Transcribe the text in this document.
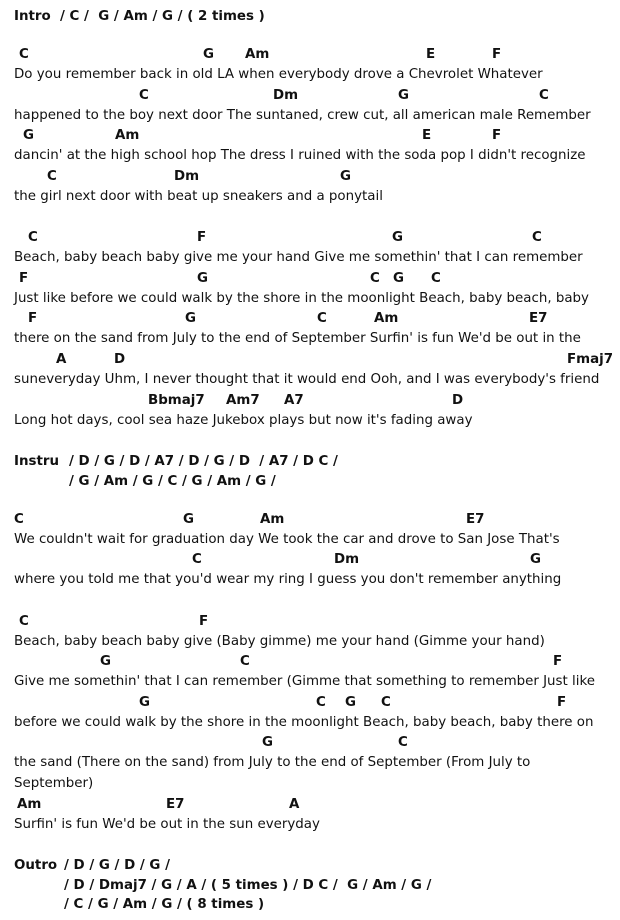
Intro / C /  G / Am / G / ( 2 times )
C	G Am	E	F
Do you remember back in old LA when everybody drove a Chevrolet Whatever
C	Dm	G	C
happened to the boy next door The suntaned, crew cut, all american male Remember
G	Am	E	F
dancin' at the high school hop The dress I ruined with the soda pop I didn't recognize
C	Dm	G
the girl next door with beat up sneakers and a ponytail
C	F	G	C
Beach, baby beach baby give me your hand Give me somethin' that I can remember
F	G	C G C
Just like before we could walk by the shore in the moonlight Beach, baby beach, baby
F	G	C	Am	E7
there on the sand from July to the end of September Surfin' is fun We'd be out in the
A	D	Fmaj7
suneveryday Uhm, I never thought that it would end Ooh, and I was everybody's friend
Bbmaj7 Am7 A7	D
Long hot days, cool sea haze Jukebox plays but now it's fading away
Instru / D / G / D / A7 / D / G / D  / A7 / D C /
/ G / Am / G / C / G / Am / G /
C	G	Am	E7
We couldn't wait for graduation day We took the car and drove to San Jose That's
C	Dm	G
where you told me that you'd wear my ring I guess you don't remember anything
C	F
Beach, baby beach baby give (Baby gimme) me your hand (Gimme your hand)
G	C	F
Give me somethin' that I can remember (Gimme that something to remember Just like
G	C G C	F
before we could walk by the shore in the moonlight Beach, baby beach, baby there on
G	C
the sand (There on the sand) from July to the end of September (From July to
September)
Am	E7	A
Surfin' is fun We'd be out in the sun everyday
Outro / D / G / D / G /
/ D / Dmaj7 / G / A / ( 5 times ) / D C /  G / Am / G /
/ C / G / Am / G / ( 8 times )
